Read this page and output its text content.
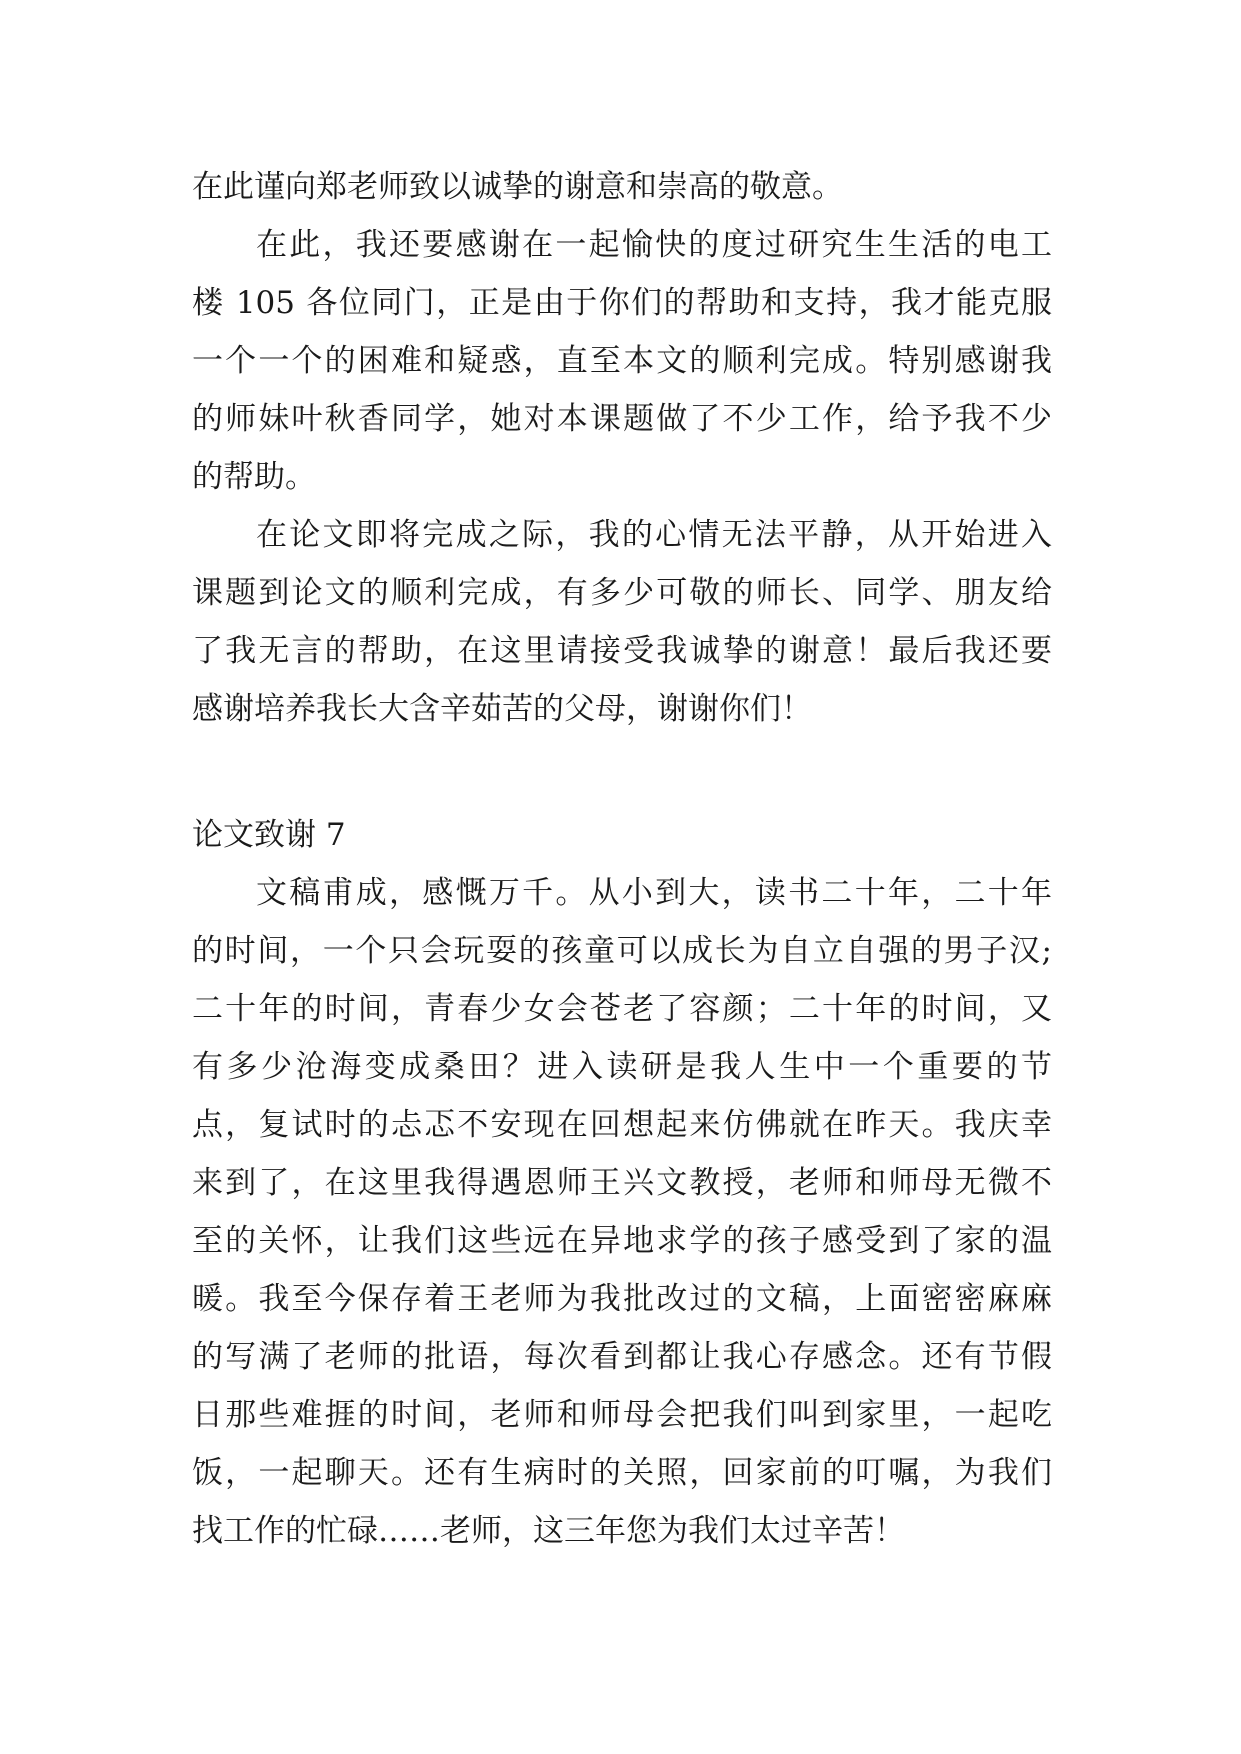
在此谨向郑老师致以诚挚的谢意和崇高的敬意。
在此，我还要感谢在一起愉快的度过研究生生活的电工
楼 105 各位同门，正是由于你们的帮助和支持，我才能克服
一个一个的困难和疑惑，直至本文的顺利完成。特别感谢我
的师妹叶秋香同学，她对本课题做了不少工作，给予我不少
的帮助。
在论文即将完成之际，我的心情无法平静，从开始进入
课题到论文的顺利完成，有多少可敬的师长、同学、朋友给
了我无言的帮助，在这里请接受我诚挚的谢意！最后我还要
感谢培养我长大含辛茹苦的父母，谢谢你们！
论文致谢 7
文稿甫成，感慨万千。从小到大，读书二十年，二十年
的时间，一个只会玩耍的孩童可以成长为自立自强的男子汉;
二十年的时间，青春少女会苍老了容颜；二十年的时间，又
有多少沧海变成桑田？进入读研是我人生中一个重要的节
点，复试时的忐忑不安现在回想起来仿佛就在昨天。我庆幸
来到了，在这里我得遇恩师王兴文教授，老师和师母无微不
至的关怀，让我们这些远在异地求学的孩子感受到了家的温
暖。我至今保存着王老师为我批改过的文稿，上面密密麻麻
的写满了老师的批语，每次看到都让我心存感念。还有节假
日那些难捱的时间，老师和师母会把我们叫到家里，一起吃
饭，一起聊天。还有生病时的关照，回家前的叮嘱，为我们
找工作的忙碌……老师，这三年您为我们太过辛苦！
